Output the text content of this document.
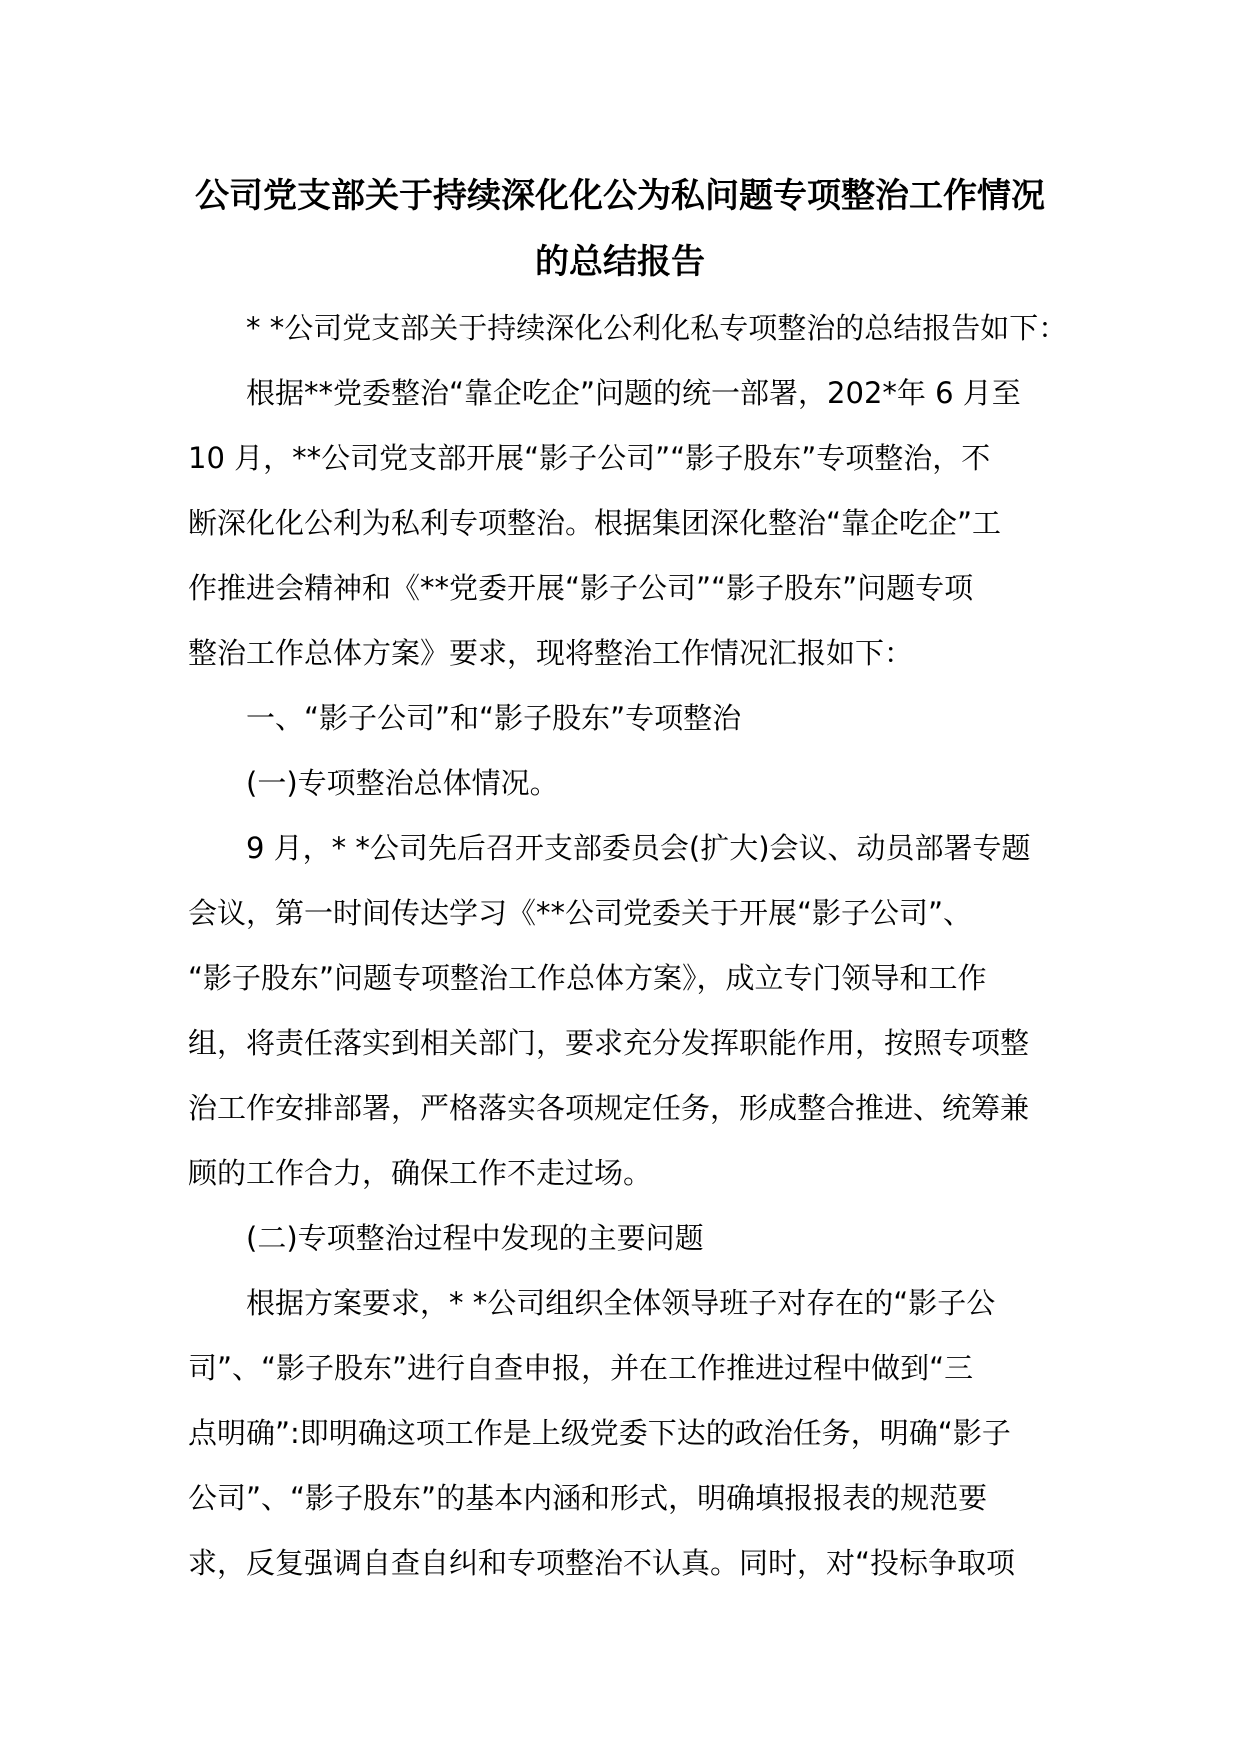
公司党支部关于持续深化化公为私问题专项整治工作情况
的总结报告
* *公司党支部关于持续深化公利化私专项整治的总结报告如下：
根据**党委整治“靠企吃企”问题的统一部署，202*年 6 月至
10 月，**公司党支部开展“影子公司”“影子股东”专项整治，不
断深化化公利为私利专项整治。根据集团深化整治“靠企吃企”工
作推进会精神和《**党委开展“影子公司”“影子股东”问题专项
整治工作总体方案》要求，现将整治工作情况汇报如下：
一、“影子公司”和“影子股东”专项整治
(一)专项整治总体情况。
9 月，* *公司先后召开支部委员会(扩大)会议、动员部署专题
会议，第一时间传达学习《**公司党委关于开展“影子公司”、
“影子股东”问题专项整治工作总体方案》，成立专门领导和工作
组，将责任落实到相关部门，要求充分发挥职能作用，按照专项整
治工作安排部署，严格落实各项规定任务，形成整合推进、统筹兼
顾的工作合力，确保工作不走过场。
(二)专项整治过程中发现的主要问题
根据方案要求，* *公司组织全体领导班子对存在的“影子公
司”、“影子股东”进行自查申报，并在工作推进过程中做到“三
点明确”:即明确这项工作是上级党委下达的政治任务，明确“影子
公司”、“影子股东”的基本内涵和形式，明确填报报表的规范要
求，反复强调自查自纠和专项整治不认真。同时，对“投标争取项
